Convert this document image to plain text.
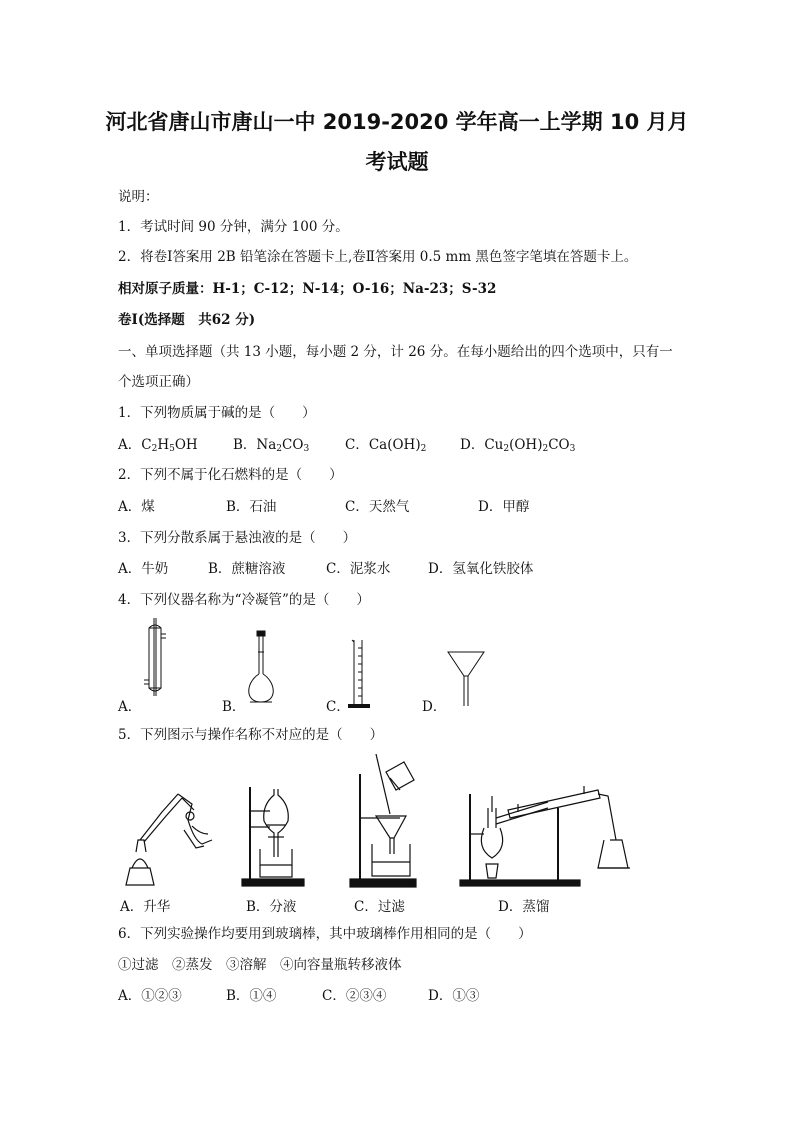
河北省唐山市唐山一中 2019-2020 学年高一上学期 10 月月
考试题
说明：
1．考试时间 90 分钟，满分 100 分。
2．将卷Ⅰ答案用 2B 铅笔涂在答题卡上,卷Ⅱ答案用 0.5 mm 黑色签字笔填在答题卡上。
相对原子质量：H-1；C-12；N-14；O-16；Na-23；S-32
卷Ⅰ(选择题　共62 分)
一、单项选择题（共 13 小题，每小题 2 分，计 26 分。在每小题给出的四个选项中，只有一
个选项正确）
1．下列物质属于碱的是（　　）
A．$C_2H_5OH$	B．$Na_2CO_3$	C．$Ca(OH)_2$ D．$Cu_2(OH)_2CO_3$
2．下列不属于化石燃料的是（　　）
A．煤	B．石油	C．天然气	D．甲醇
3．下列分散系属于悬浊液的是（　　）
A．牛奶	B．蔗糖溶液	C．泥浆水	D．氢氧化铁胶体
4．下列仪器名称为“冷凝管”的是（　　）
A．	B．	C．	D．
5．下列图示与操作名称不对应的是（　　）
A．升华	B．分液	C．过滤	D．蒸馏
6．下列实验操作均要用到玻璃棒，其中玻璃棒作用相同的是（　　）
①过滤　②蒸发　③溶解　④向容量瓶转移液体
A．①②③	B．①④	C．②③④	D．①③
